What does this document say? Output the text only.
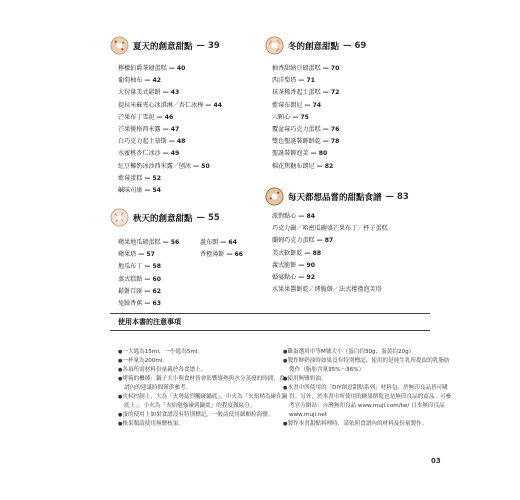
夏天的創意甜點 — 39
檸檬伯爵茶磅蛋糕 — 40
葡萄柚布 — 42
大份量美式鬆餅 — 43
提拉米蘇夾心冰淇淋／杏仁冰棒 — 44
芒果布丁雪泥 — 46
芒果優格西米露 — 47
白巧克力起士慕斯 — 48
水蜜桃杏仁冰沙 — 49
紅豆椰奶冰沙西米露／刨冰 — 50
藍莓蛋糕 — 52
鹹味司康 — 54
冬的創意甜點 — 69
柚香甜納豆磅蛋糕 — 70
西洋梨塔 — 71
抹茶稀香起士蛋糕 — 72
藍莓布朗尼 — 74
六顆心 — 75
覆盆莓巧克力蛋糕 — 76
雙色聖誕裝飾餅乾 — 78
聖誕裝飾泡芙 — 80
棉花焦糖布朗尼 — 82
秋天的創意甜點 — 55
蘋果地瓜磅蛋糕 — 56
蘋果塔 — 57
地瓜布丁 — 58
蒸式糕點 — 60
鬆餅百匯 — 62
兔臉香蕉 — 63
蘆布朗 — 64
香橙薄餅 — 66
每天都想品嘗的甜點食譜 — 83
派對點心 — 84
巧克力鍋／哈密瓜碗盛芒果布丁／杯子蛋糕
蘭姆巧克力蛋糕 — 87
美式軟餅乾 — 88
義式脆餅 — 90
婚宴點心 — 92
水果果醬餅乾／烤脆餅／法式捲禮泡芙塔
使用本書的注意事項
● 一大匙為15ml，一小匙為5ml。
● 一杯量為200ml。
● 各項所需材料份量載於各食譜上。
● 烤箱的機種：鍋子大小與食材皆會影響導熱與水分蒸發的時間，食譜內的建議時間僅供參考。
● 火候控制上，大為「火勢猛烈觸碰鍋底」，中火為「火焰稍為碰在鍋底上」，小火為「火焰勉強碰到鍋底」的程度做區分。
● 蛋的使用上如果食譜沒有特別標記，一般請使用細顆粒海鹽。
● 核果類請使用無鹽核果。
● 雞蛋選用中等M號大小（蛋白約30g，蛋黃約20g）
● 製作鮮奶油時如果沒有特別標記，使用的是純生乳所提取的乳脂肪製作（脂肪含量35%～36%）
● 使用無鹽奶油。
● 本書中所使用的「DIY創意甜點系列」材料包，於無印良品皆可購得。另外，於本書中所使用的糖果餅乾也是無印良品的商品。可參考官方網站：台灣無印良品 www.muji.com/tw/ 日本無印良品 www.muji.net
● 製作本書甜點料理時，請依照食譜內的材料及份量製作。
03
